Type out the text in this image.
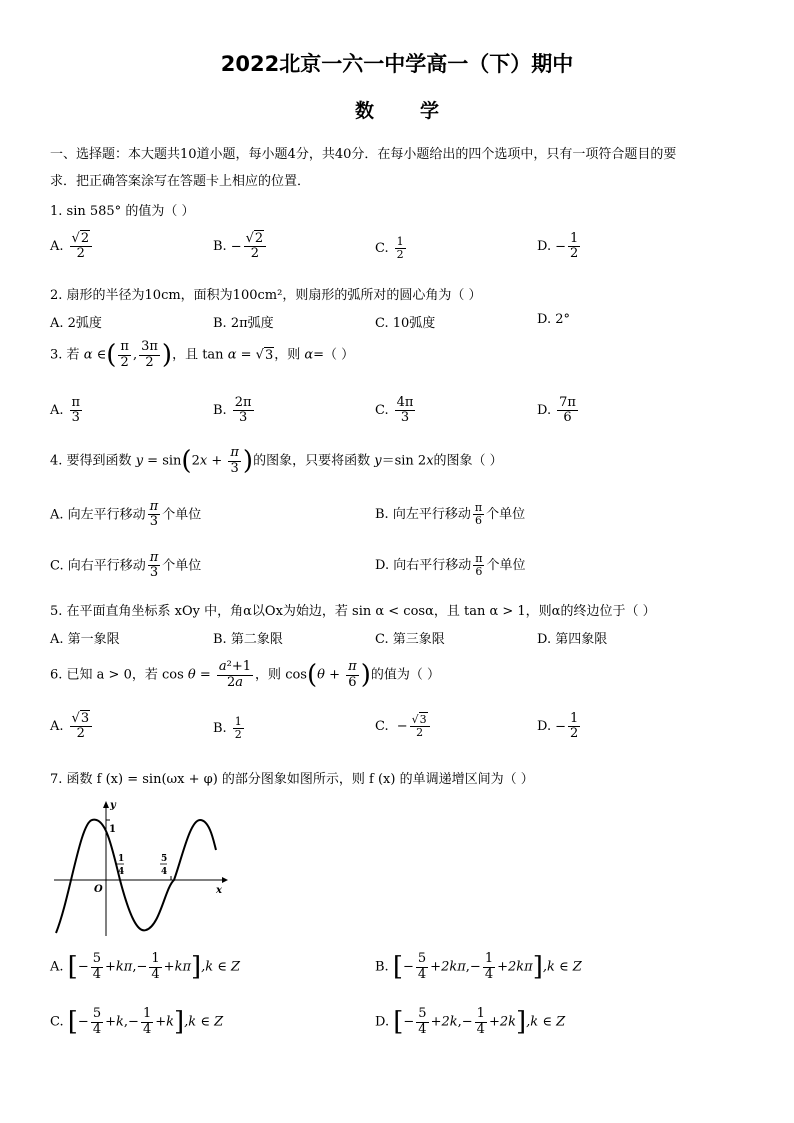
2022北京一六一中学高一（下）期中
数学
一、选择题：本大题共10道小题，每小题4分，共40分．在每小题给出的四个选项中，只有一项符合题目的要
求．把正确答案涂写在答题卡上相应的位置．
1. sin 585° 的值为（ ）
A. $\frac{√2}{2}$	B. − $\frac{√2}{2}$	C. $\frac{1}{2}$	D. − $\frac{1}{2}$
2. 扇形的半径为10cm，面积为100cm²，则扇形的弧所对的圆心角为（ ）
A. 2弧度	B. 2π弧度	C. 10弧度	D. 2°
3. 若 α ∈( $\frac{\pi}{2}$ , $\frac{3\pi}{2}$ )，且 tan α = √3，则 α=（ ）
A. $\frac{\pi}{3}$	B. $\frac{2\pi}{3}$	C. $\frac{4\pi}{3}$	D. $\frac{7\pi}{6}$
4. 要得到函数 $y = \sin(2x + \frac{\pi}{3}$ )的图象，只要将函数 y＝sin 2x的图象（ ）
A. 向左平行移动 $\frac{\pi}{3}$ 个单位	B. 向左平行移动 $\frac{\pi}{6}$ 个单位
C. 向右平行移动 $\frac{\pi}{3}$ 个单位	D. 向右平行移动 $\frac{\pi}{6}$ 个单位
5. 在平面直角坐标系 xOy 中，角α以Ox为始边，若 sin α < cosα，且 tan α > 1，则α的终边位于（ ）
A. 第一象限	B. 第二象限	C. 第三象限	D. 第四象限
6. 已知 a > 0，若 $\cos \theta = \frac{\text{a²+1}}{2a}$ ，则 $\cos(\theta + \frac{\pi}{6}$ )的值为（ ）
A. $\frac{√3}{2}$	B. $\frac{1}{2}$	C. − $\frac{√3}{2}$	D. − $\frac{1}{2}$
7. 函数 f (x) = sin(ωx + φ) 的部分图象如图所示，则 f (x) 的单调递增区间为（ ）
y
x
O
1
1
4
5
4
A. [− $\frac{5}{4} +k\pi,- \frac{1}{4} +k\pi],k$ ∈ Z	B. [− $\frac{5}{4} +2k\pi,- \frac{1}{4} +2k\pi],k$ ∈ Z
C. [− $\frac{5}{4} +k,- \frac{1}{4} +k],k$ ∈ Z	D. [− $\frac{5}{4} +2k,- \frac{1}{4} +2k],k$ ∈ Z
